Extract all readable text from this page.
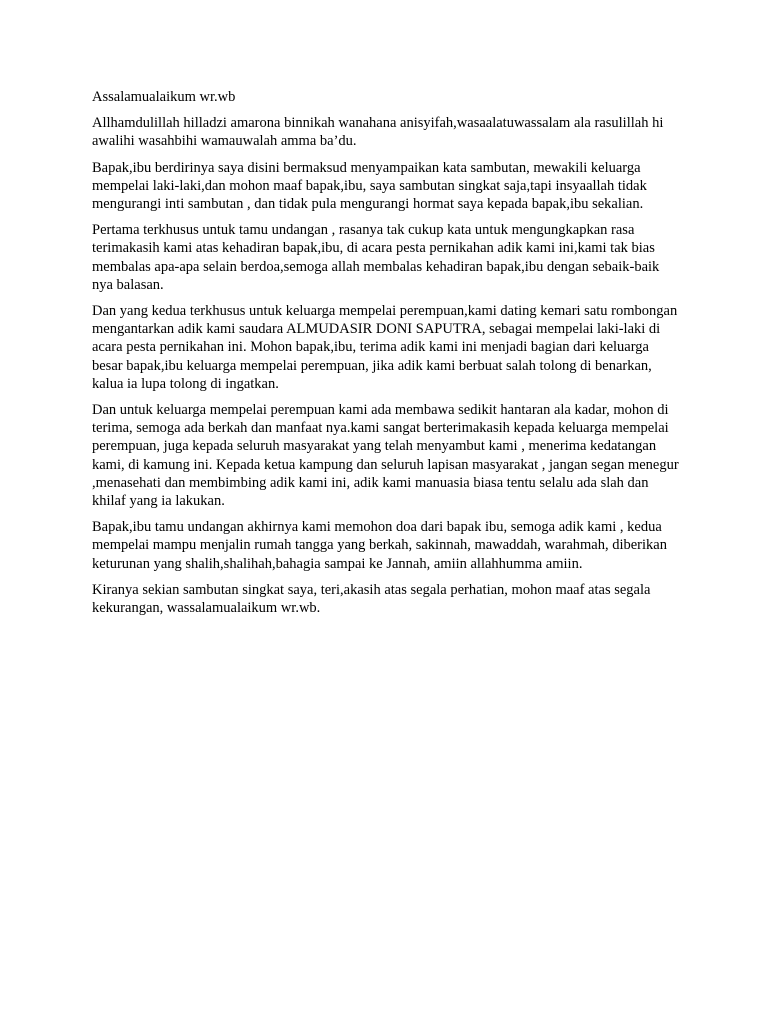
Assalamualaikum wr.wb

Allhamdulillah hilladzi amarona binnikah wanahana anisyifah,wasaalatuwassalam ala rasulillah hi awalihi wasahbihi wamauwalah amma ba’du.

Bapak,ibu berdirinya saya disini bermaksud menyampaikan kata sambutan, mewakili keluarga mempelai laki-laki,dan mohon maaf bapak,ibu, saya sambutan singkat saja,tapi insyaallah tidak mengurangi inti sambutan , dan tidak pula mengurangi hormat saya kepada bapak,ibu sekalian.

Pertama terkhusus untuk tamu undangan , rasanya tak cukup kata untuk mengungkapkan rasa terimakasih kami atas kehadiran bapak,ibu, di acara pesta pernikahan adik kami ini,kami tak bias membalas apa-apa selain berdoa,semoga allah membalas kehadiran bapak,ibu dengan sebaik-baik nya balasan.

Dan yang kedua terkhusus untuk keluarga mempelai perempuan,kami dating kemari satu rombongan mengantarkan adik kami saudara ALMUDASIR DONI SAPUTRA, sebagai mempelai laki-laki di acara pesta pernikahan ini. Mohon bapak,ibu, terima adik kami ini menjadi bagian dari keluarga besar bapak,ibu keluarga mempelai perempuan, jika adik kami berbuat salah tolong di benarkan, kalua ia lupa tolong di ingatkan.

Dan untuk keluarga mempelai perempuan kami ada membawa sedikit hantaran ala kadar, mohon di terima, semoga ada berkah dan manfaat nya.kami sangat berterimakasih kepada keluarga mempelai perempuan, juga kepada seluruh masyarakat yang telah menyambut kami , menerima kedatangan kami, di kamung ini. Kepada ketua kampung dan seluruh lapisan masyarakat , jangan segan menegur ,menasehati dan membimbing adik kami ini, adik kami manuasia biasa tentu selalu ada slah dan khilaf yang ia lakukan.

Bapak,ibu tamu undangan akhirnya kami memohon doa dari bapak ibu, semoga adik kami , kedua mempelai mampu menjalin rumah tangga yang berkah, sakinnah, mawaddah, warahmah, diberikan keturunan yang shalih,shalihah,bahagia sampai ke Jannah, amiin allahhumma amiin.

Kiranya sekian sambutan singkat saya, teri,akasih atas segala perhatian, mohon maaf atas segala kekurangan, wassalamualaikum wr.wb.
